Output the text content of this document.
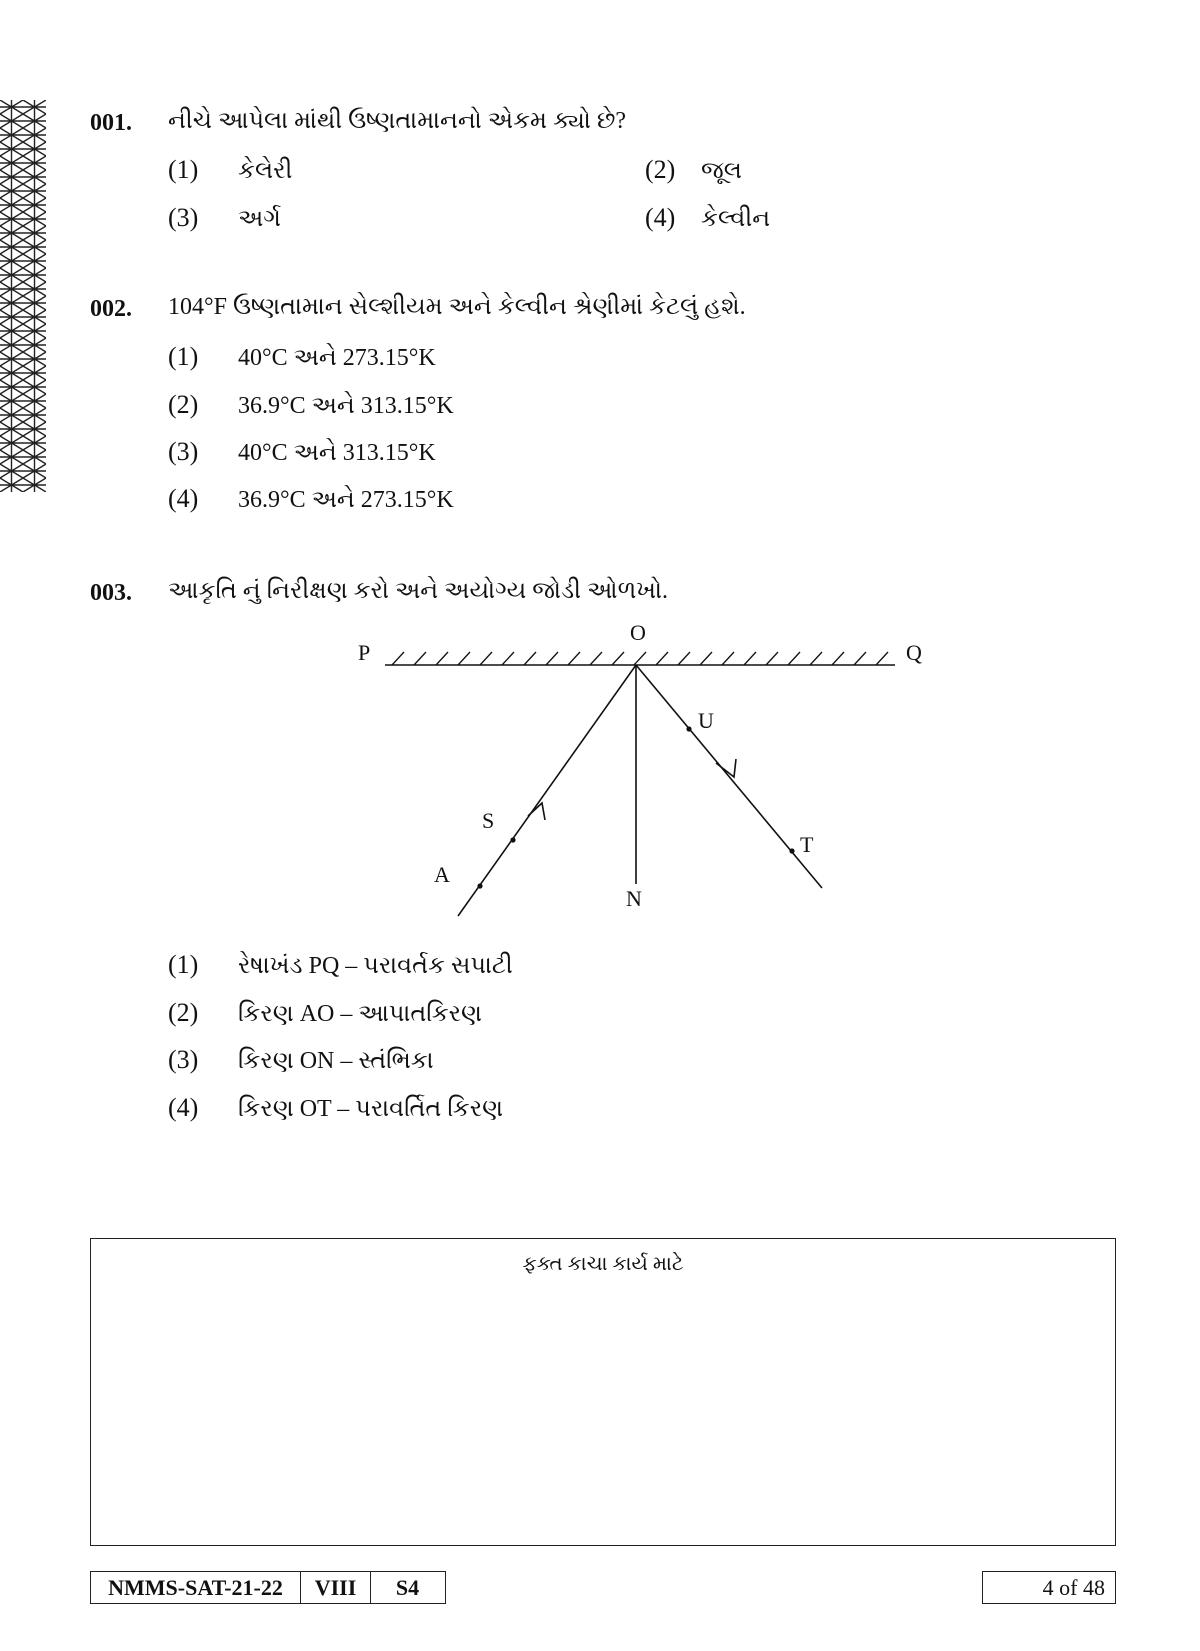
001. નીચે આપેલા માંથી ઉષ્ણતામાનનો એકમ ક્યો છે?
(1) કેલેરી	(2) જૂલ
(3) અર્ગ	(4) કેલ્વીન
002. 104°F ઉષ્ણતામાન સેલ્શીયમ અને કેલ્વીન શ્રેણીમાં કેટલું હશે.
(1) 40°C અને 273.15°K
(2) 36.9°C અને 313.15°K
(3) 40°C અને 313.15°K
(4) 36.9°C અને 273.15°K
003. આકૃતિ નું નિરીક્ષણ કરો અને અયોગ્ય જોડી ઓળખો.
P	Q
O
U
T
S
A
N
(1) રેષાખંડ PQ – પરાવર્તક સપાટી
(2) કિરણ AO – આપાતકિરણ
(3) કિરણ ON – સ્તંભિકા
(4) કિરણ OT – પરાવર્તિત કિરણ
ફક્ત કાચા કાર્ય માટે
NMMS-SAT-21-22	VIII	S4	4 of 48
